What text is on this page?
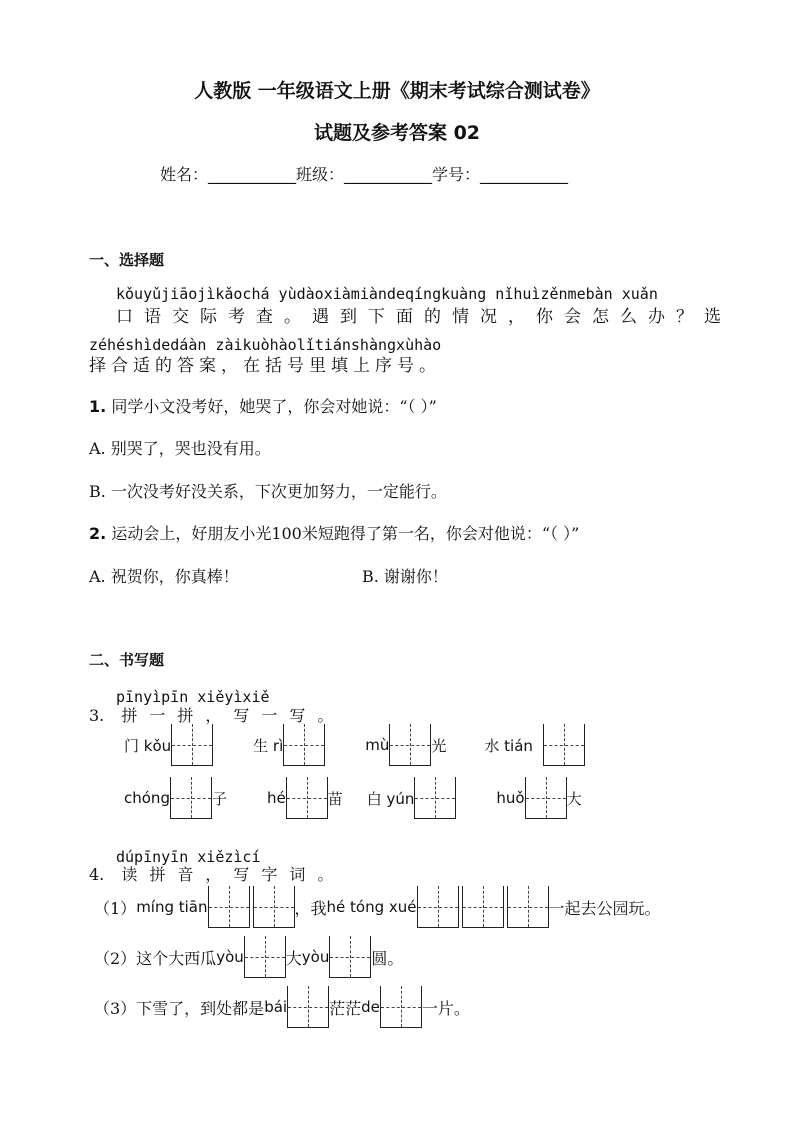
人教版 一年级语文上册《期末考试综合测试卷》
试题及参考答案 02
姓名：___________班级：___________学号：___________
一、选择题
kǒuyǔjiāojìkǎochá yùdàoxiàmiàndeqíngkuàng nǐhuìzěnmebàn xuǎn
口语交际考查。遇到下面的情况，你会怎么办？选
zéhéshìdedáàn zàikuòhàolǐtiánshàngxùhào
择合适的答案，在括号里填上序号。
1. 同学小文没考好，她哭了，你会对她说：“（ ）”
A. 别哭了，哭也没有用。
B. 一次没考好没关系，下次更加努力，一定能行。
2. 运动会上，好朋友小光100米短跑得了第一名，你会对他说：“（ ）”
A. 祝贺你，你真棒！	B. 谢谢你！
二、书写题
pīnyìpīn xiěyìxiě
3. 拼一拼，写一写。
门 kǒu	生 rì	mù	光	水 tián
chóng	子	hé	苗 白 yún	huǒ	大
dúpīnyīn xiězìcí
4. 读拼音，写字词。
（1） míng tiān	，我 hé tóng xué	一起去公园玩。
（2）这个大西瓜 yòu	大 yòu	圆。
（3）下雪了，到处都是 bái	茫茫 de	一片。
